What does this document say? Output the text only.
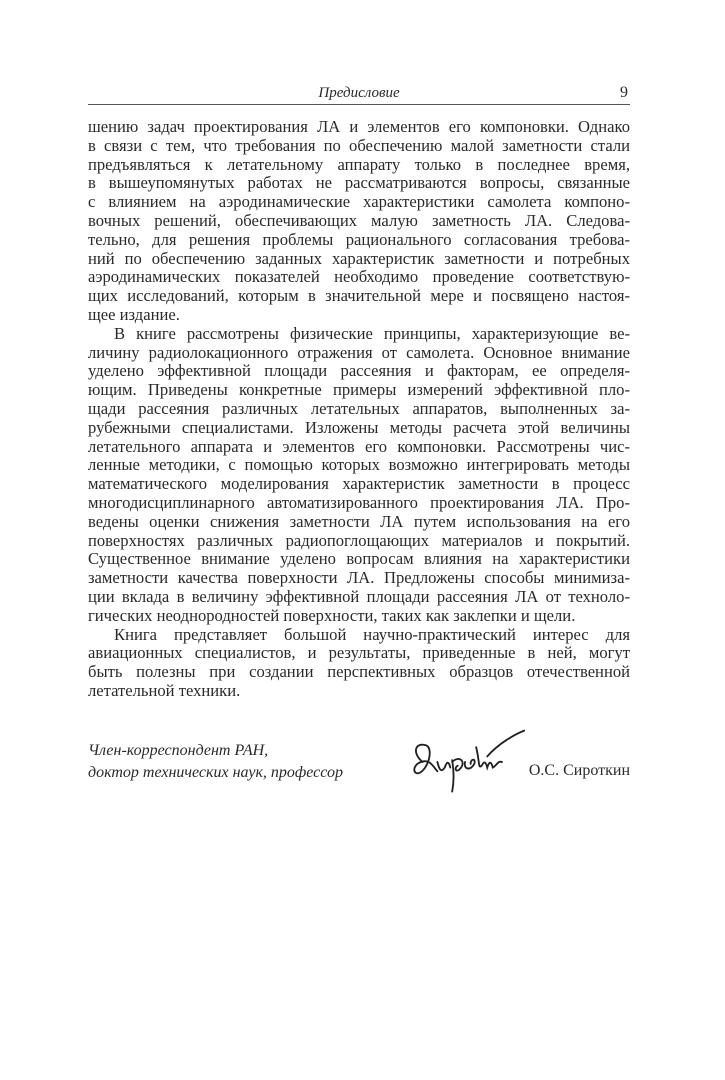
Предисловие	9
шению задач проектирования ЛА и элементов его компоновки. Однако
в связи с тем, что требования по обеспечению малой заметности стали
предъявляться к летательному аппарату только в последнее время,
в вышеупомянутых работах не рассматриваются вопросы, связанные
с влиянием на аэродинамические характеристики самолета компоно-
вочных решений, обеспечивающих малую заметность ЛА. Следова-
тельно, для решения проблемы рационального согласования требова-
ний по обеспечению заданных характеристик заметности и потребных
аэродинамических показателей необходимо проведение соответствую-
щих исследований, которым в значительной мере и посвящено настоя-
щее издание.
В книге рассмотрены физические принципы, характеризующие ве-
личину радиолокационного отражения от самолета. Основное внимание
уделено эффективной площади рассеяния и факторам, ее определя-
ющим. Приведены конкретные примеры измерений эффективной пло-
щади рассеяния различных летательных аппаратов, выполненных за-
рубежными специалистами. Изложены методы расчета этой величины
летательного аппарата и элементов его компоновки. Рассмотрены чис-
ленные методики, с помощью которых возможно интегрировать методы
математического моделирования характеристик заметности в процесс
многодисциплинарного автоматизированного проектирования ЛА. Про-
ведены оценки снижения заметности ЛА путем использования на его
поверхностях различных радиопоглощающих материалов и покрытий.
Существенное внимание уделено вопросам влияния на характеристики
заметности качества поверхности ЛА. Предложены способы минимиза-
ции вклада в величину эффективной площади рассеяния ЛА от техноло-
гических неоднородностей поверхности, таких как заклепки и щели.
Книга представляет большой научно-практический интерес для
авиационных специалистов, и результаты, приведенные в ней, могут
быть полезны при создании перспективных образцов отечественной
летательной техники.
Член-корреспондент РАН,
доктор технических наук, профессор	О.С. Сироткин
